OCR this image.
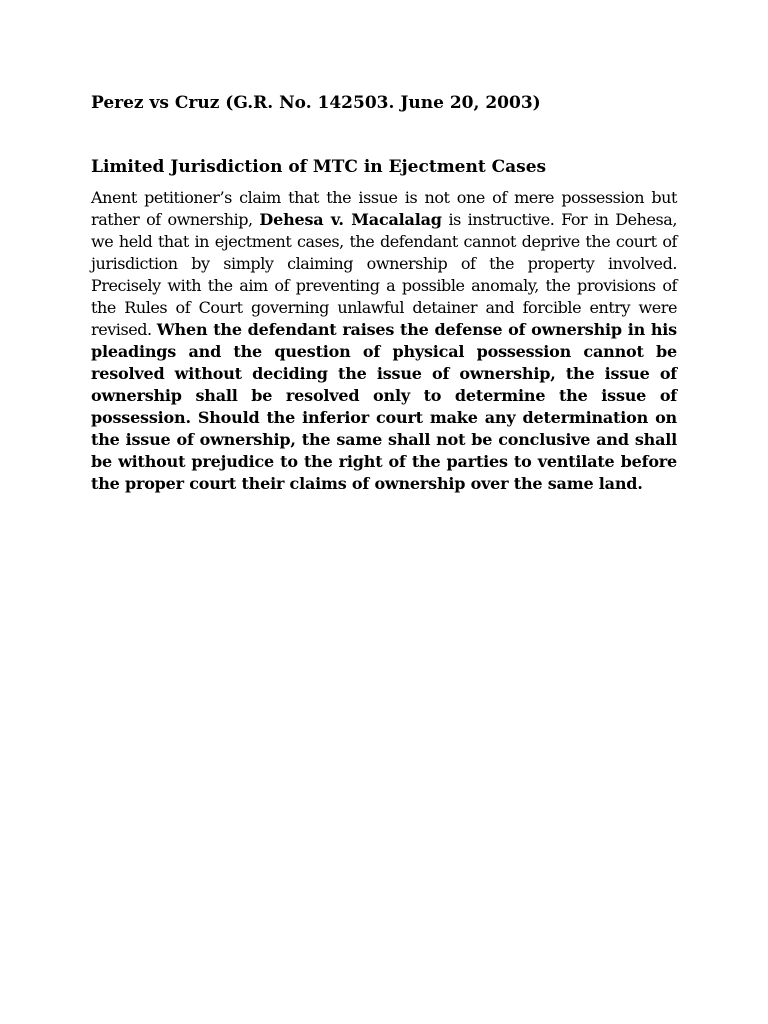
Perez vs Cruz (G.R. No. 142503. June 20, 2003)
Limited Jurisdiction of MTC in Ejectment Cases

Anent petitioner’s claim that the issue is not one of mere possession but rather of ownership, Dehesa v. Macalalag is instructive. For in Dehesa, we held that in ejectment cases, the defendant cannot deprive the court of jurisdiction by simply claiming ownership of the property involved. Precisely with the aim of preventing a possible anomaly, the provisions of the Rules of Court governing unlawful detainer and forcible entry were revised. When the defendant raises the defense of ownership in his pleadings and the question of physical possession cannot be resolved without deciding the issue of ownership, the issue of ownership shall be resolved only to determine the issue of possession. Should the inferior court make any determination on the issue of ownership, the same shall not be conclusive and shall be without prejudice to the right of the parties to ventilate before the proper court their claims of ownership over the same land.
